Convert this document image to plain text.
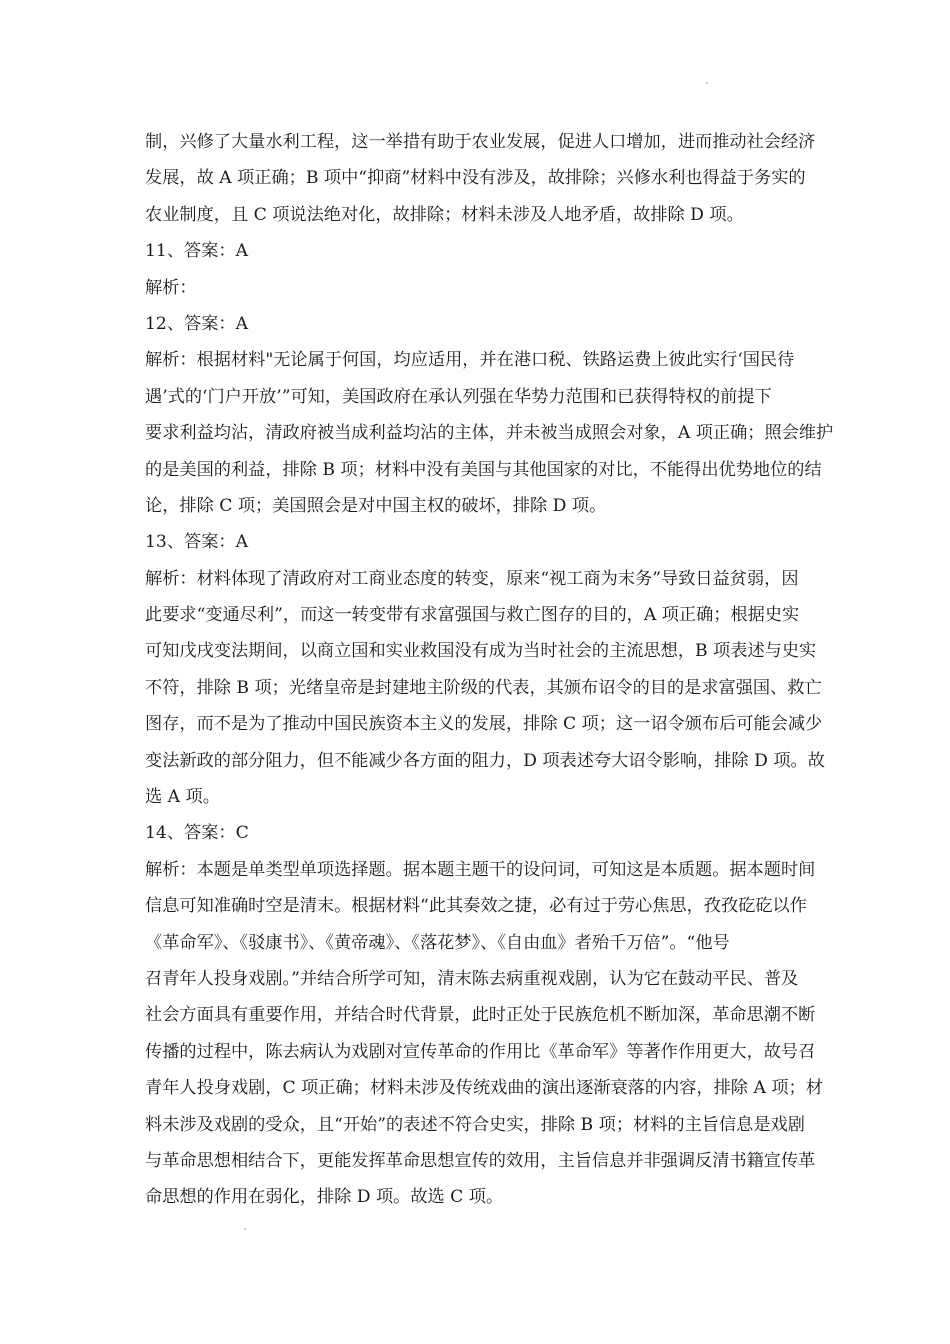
制，兴修了大量水利工程，这一举措有助于农业发展，促进人口增加，进而推动社会经济
发展，故 A 项正确；B 项中“抑商”材料中没有涉及，故排除；兴修水利也得益于务实的
农业制度，且 C 项说法绝对化，故排除；材料未涉及人地矛盾，故排除 D 项。
11、答案：A
解析：
12、答案：A
解析：根据材料"无论属于何国，均应适用，并在港口税、铁路运费上彼此实行‘国民待
遇’式的‘门户开放’”可知，美国政府在承认列强在华势力范围和已获得特权的前提下
要求利益均沾，清政府被当成利益均沾的主体，并未被当成照会对象，A 项正确；照会维护
的是美国的利益，排除 B 项；材料中没有美国与其他国家的对比，不能得出优势地位的结
论，排除 C 项；美国照会是对中国主权的破坏，排除 D 项。
13、答案：A
解析：材料体现了清政府对工商业态度的转变，原来“视工商为末务”导致日益贫弱，因
此要求“变通尽利”，而这一转变带有求富强国与救亡图存的目的，A 项正确；根据史实
可知戊戌变法期间，以商立国和实业救国没有成为当时社会的主流思想，B 项表述与史实
不符，排除 B 项；光绪皇帝是封建地主阶级的代表，其颁布诏令的目的是求富强国、救亡
图存，而不是为了推动中国民族资本主义的发展，排除 C 项；这一诏令颁布后可能会减少
变法新政的部分阻力，但不能减少各方面的阻力，D 项表述夸大诏令影响，排除 D 项。故
选 A 项。
14、答案：C
解析：本题是单类型单项选择题。据本题主题干的设问词，可知这是本质题。据本题时间
信息可知准确时空是清末。根据材料“此其奏效之捷，必有过于劳心焦思，孜孜矻矻以作
《革命军》、《驳康书》、《黄帝魂》、《落花梦》、《自由血》者殆千万倍”。“他号
召青年人投身戏剧。”并结合所学可知，清末陈去病重视戏剧，认为它在鼓动平民、普及
社会方面具有重要作用，并结合时代背景，此时正处于民族危机不断加深，革命思潮不断
传播的过程中，陈去病认为戏剧对宣传革命的作用比《革命军》等著作作用更大，故号召
青年人投身戏剧，C 项正确；材料未涉及传统戏曲的演出逐渐衰落的内容，排除 A 项；材
料未涉及戏剧的受众，且“开始”的表述不符合史实，排除 B 项；材料的主旨信息是戏剧
与革命思想相结合下，更能发挥革命思想宣传的效用，主旨信息并非强调反清书籍宣传革
命思想的作用在弱化，排除 D 项。故选 C 项。
